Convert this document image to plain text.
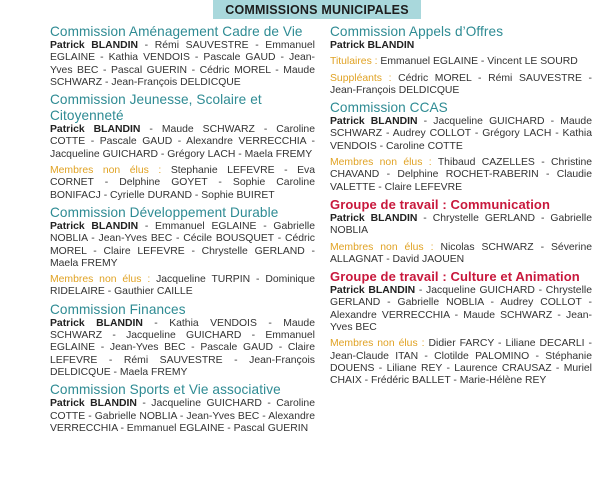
COMMISSIONS MUNICIPALES
Commission Aménagement Cadre de Vie

Patrick BLANDIN - Rémi SAUVESTRE - Emmanuel EGLAINE - Kathia VENDOIS - Pascale GAUD - Jean-Yves BEC - Pascal GUERIN - Cédric MOREL - Maude SCHWARZ - Jean-François DELDICQUE

Commission Jeunesse, Scolaire et Citoyenneté

Patrick BLANDIN - Maude SCHWARZ - Caroline COTTE - Pascale GAUD - Alexandre VERRECCHIA - Jacqueline GUICHARD - Grégory LACH - Maela FREMY

Membres non élus : Stephanie LEFEVRE - Eva CORNET - Delphine GOYET - Sophie Caroline BONIFACJ - Cyrielle DURAND - Sophie BUIRET

Commission Développement Durable

Patrick BLANDIN - Emmanuel EGLAINE - Gabrielle NOBLIA - Jean-Yves BEC - Cécile BOUSQUET - Cédric MOREL - Claire LEFEVRE - Chrystelle GERLAND - Maela FREMY

Membres non élus : Jacqueline TURPIN - Dominique RIDELAIRE - Gauthier CAILLE

Commission Finances

Patrick BLANDIN - Kathia VENDOIS - Maude SCHWARZ - Jacqueline GUICHARD - Emmanuel EGLAINE - Jean-Yves BEC - Pascale GAUD - Claire LEFEVRE - Rémi SAUVESTRE - Jean-François DELDICQUE - Maela FREMY

Commission Sports et Vie associative

Patrick BLANDIN - Jacqueline GUICHARD - Caroline COTTE - Gabrielle NOBLIA - Jean-Yves BEC - Alexandre VERRECCHIA - Emmanuel EGLAINE - Pascal GUERIN

Commission Appels d’Offres

Patrick BLANDIN

Titulaires : Emmanuel EGLAINE - Vincent LE SOURD

Suppléants : Cédric MOREL - Rémi SAUVESTRE - Jean-François DELDICQUE

Commission CCAS

Patrick BLANDIN - Jacqueline GUICHARD - Maude SCHWARZ - Audrey COLLOT - Grégory LACH - Kathia VENDOIS - Caroline COTTE

Membres non élus : Thibaud CAZELLES - Christine CHAVAND - Delphine ROCHET-RABERIN - Claudie VALETTE - Claire LEFEVRE

Groupe de travail : Communication

Patrick BLANDIN - Chrystelle GERLAND - Gabrielle NOBLIA

Membres non élus : Nicolas SCHWARZ - Séverine ALLAGNAT - David JAOUEN

Groupe de travail : Culture et Animation

Patrick BLANDIN - Jacqueline GUICHARD - Chrystelle GERLAND - Gabrielle NOBLIA - Audrey COLLOT - Alexandre VERRECCHIA - Maude SCHWARZ - Jean-Yves BEC

Membres non élus : Didier FARCY - Liliane DECARLI - Jean-Claude ITAN - Clotilde PALOMINO - Stéphanie DOUENS - Liliane REY - Laurence CRAUSAZ - Muriel CHAIX - Frédéric BALLET - Marie-Hélène REY
